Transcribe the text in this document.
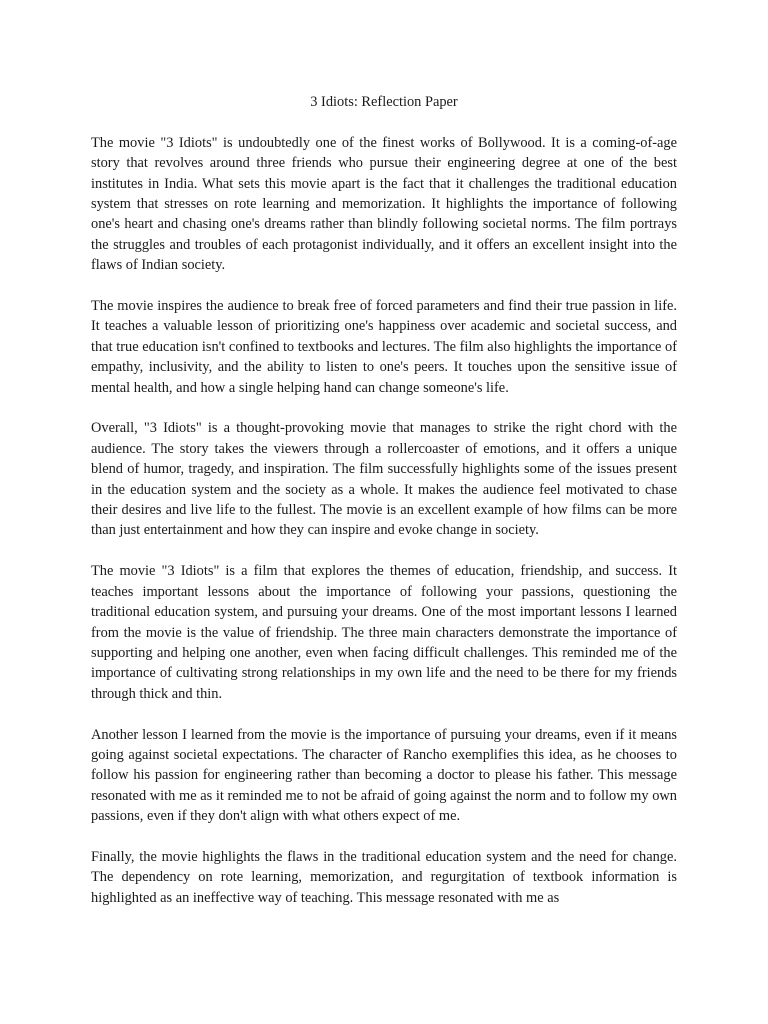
3 Idiots: Reflection Paper

The movie "3 Idiots" is undoubtedly one of the finest works of Bollywood. It is a coming-of-age story that revolves around three friends who pursue their engineering degree at one of the best institutes in India. What sets this movie apart is the fact that it challenges the traditional education system that stresses on rote learning and memorization. It highlights the importance of following one's heart and chasing one's dreams rather than blindly following societal norms. The film portrays the struggles and troubles of each protagonist individually, and it offers an excellent insight into the flaws of Indian society.

The movie inspires the audience to break free of forced parameters and find their true passion in life. It teaches a valuable lesson of prioritizing one's happiness over academic and societal success, and that true education isn't confined to textbooks and lectures. The film also highlights the importance of empathy, inclusivity, and the ability to listen to one's peers. It touches upon the sensitive issue of mental health, and how a single helping hand can change someone's life.

Overall, "3 Idiots" is a thought-provoking movie that manages to strike the right chord with the audience. The story takes the viewers through a rollercoaster of emotions, and it offers a unique blend of humor, tragedy, and inspiration. The film successfully highlights some of the issues present in the education system and the society as a whole. It makes the audience feel motivated to chase their desires and live life to the fullest. The movie is an excellent example of how films can be more than just entertainment and how they can inspire and evoke change in society.

The movie "3 Idiots" is a film that explores the themes of education, friendship, and success. It teaches important lessons about the importance of following your passions, questioning the traditional education system, and pursuing your dreams. One of the most important lessons I learned from the movie is the value of friendship. The three main characters demonstrate the importance of supporting and helping one another, even when facing difficult challenges. This reminded me of the importance of cultivating strong relationships in my own life and the need to be there for my friends through thick and thin.

Another lesson I learned from the movie is the importance of pursuing your dreams, even if it means going against societal expectations. The character of Rancho exemplifies this idea, as he chooses to follow his passion for engineering rather than becoming a doctor to please his father. This message resonated with me as it reminded me to not be afraid of going against the norm and to follow my own passions, even if they don't align with what others expect of me.

Finally, the movie highlights the flaws in the traditional education system and the need for change. The dependency on rote learning, memorization, and regurgitation of textbook information is highlighted as an ineffective way of teaching. This message resonated with me as
